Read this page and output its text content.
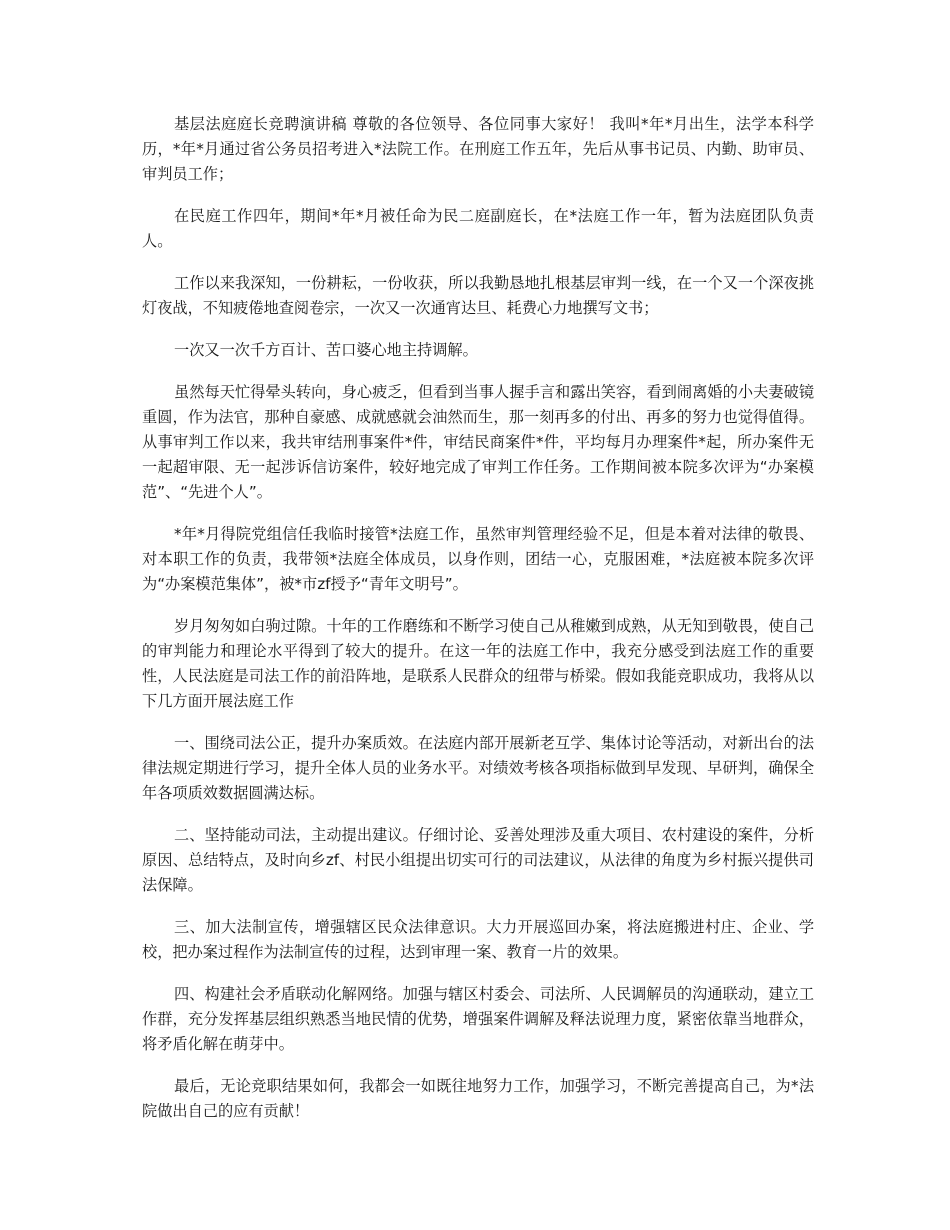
基层法庭庭长竞聘演讲稿 尊敬的各位领导、各位同事大家好！ 我叫*年*月出生，法学本科学历，*年*月通过省公务员招考进入*法院工作。在刑庭工作五年，先后从事书记员、内勤、助审员、审判员工作；

在民庭工作四年，期间*年*月被任命为民二庭副庭长，在*法庭工作一年，暂为法庭团队负责人。

工作以来我深知，一份耕耘，一份收获，所以我勤恳地扎根基层审判一线，在一个又一个深夜挑灯夜战，不知疲倦地查阅卷宗，一次又一次通宵达旦、耗费心力地撰写文书；

一次又一次千方百计、苦口婆心地主持调解。

虽然每天忙得晕头转向，身心疲乏，但看到当事人握手言和露出笑容，看到闹离婚的小夫妻破镜重圆，作为法官，那种自豪感、成就感就会油然而生，那一刻再多的付出、再多的努力也觉得值得。从事审判工作以来，我共审结刑事案件*件，审结民商案件*件，平均每月办理案件*起，所办案件无一起超审限、无一起涉诉信访案件，较好地完成了审判工作任务。工作期间被本院多次评为“办案模范”、“先进个人”。

*年*月得院党组信任我临时接管*法庭工作，虽然审判管理经验不足，但是本着对法律的敬畏、对本职工作的负责，我带领*法庭全体成员，以身作则，团结一心，克服困难，*法庭被本院多次评为“办案模范集体”，被*市zf授予“青年文明号”。

岁月匆匆如白驹过隙。十年的工作磨练和不断学习使自己从稚嫩到成熟，从无知到敬畏，使自己的审判能力和理论水平得到了较大的提升。在这一年的法庭工作中，我充分感受到法庭工作的重要性，人民法庭是司法工作的前沿阵地，是联系人民群众的纽带与桥梁。假如我能竞职成功，我将从以下几方面开展法庭工作

一、围绕司法公正，提升办案质效。在法庭内部开展新老互学、集体讨论等活动，对新出台的法律法规定期进行学习，提升全体人员的业务水平。对绩效考核各项指标做到早发现、早研判，确保全年各项质效数据圆满达标。

二、坚持能动司法，主动提出建议。仔细讨论、妥善处理涉及重大项目、农村建设的案件，分析原因、总结特点，及时向乡zf、村民小组提出切实可行的司法建议，从法律的角度为乡村振兴提供司法保障。

三、加大法制宣传，增强辖区民众法律意识。大力开展巡回办案，将法庭搬进村庄、企业、学校，把办案过程作为法制宣传的过程，达到审理一案、教育一片的效果。

四、构建社会矛盾联动化解网络。加强与辖区村委会、司法所、人民调解员的沟通联动，建立工作群，充分发挥基层组织熟悉当地民情的优势，增强案件调解及释法说理力度，紧密依靠当地群众，将矛盾化解在萌芽中。

最后，无论竞职结果如何，我都会一如既往地努力工作，加强学习，不断完善提高自己，为*法院做出自己的应有贡献！
